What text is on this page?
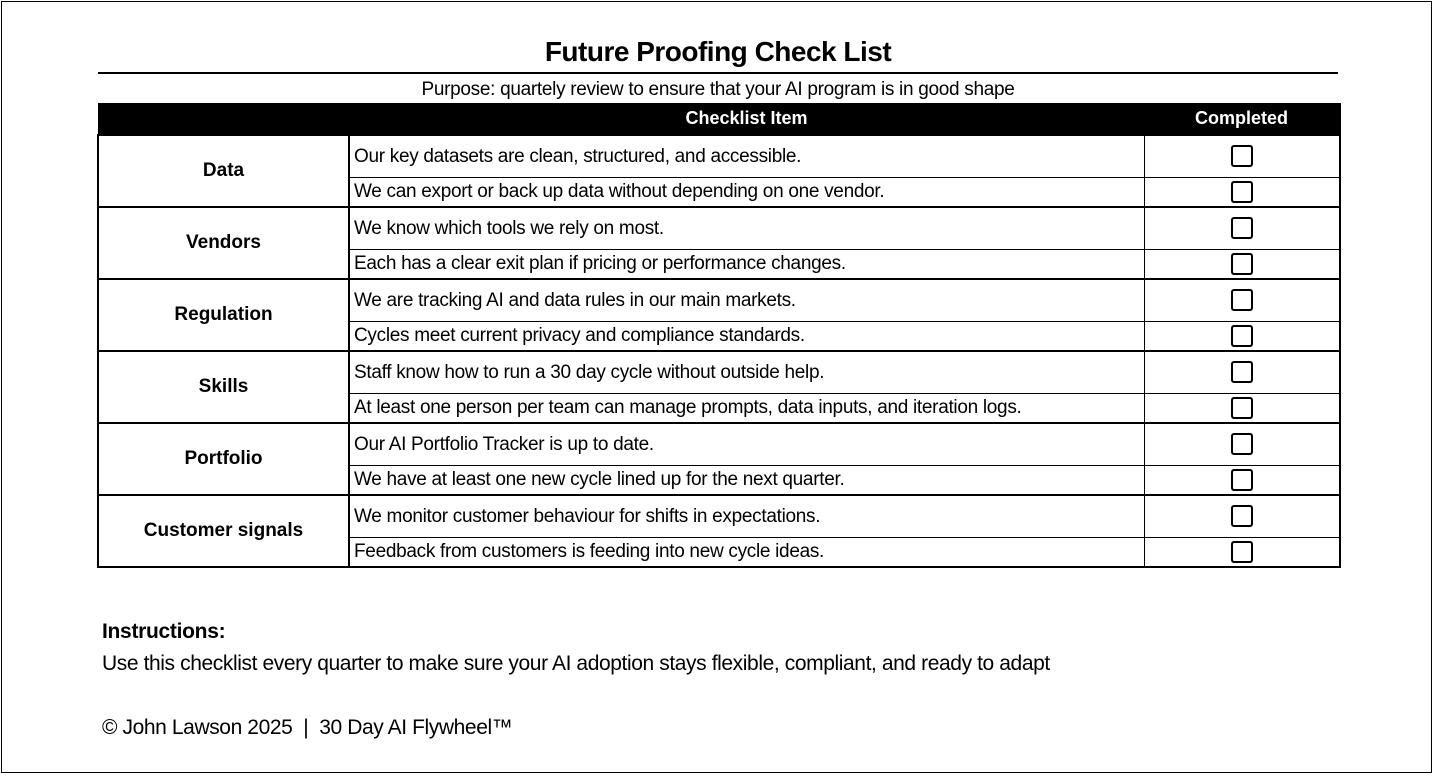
Future Proofing Check List
Purpose: quartely review to ensure that your AI program is in good shape
	Checklist Item	Completed
Data	Our key datasets are clean, structured, and accessible.	
	We can export or back up data without depending on one vendor.	
Vendors	We know which tools we rely on most.	
	Each has a clear exit plan if pricing or performance changes.	
Regulation	We are tracking AI and data rules in our main markets.	
	Cycles meet current privacy and compliance standards.	
Skills	Staff know how to run a 30 day cycle without outside help.	
	At least one person per team can manage prompts, data inputs, and iteration logs.	
Portfolio	Our AI Portfolio Tracker is up to date.	
	We have at least one new cycle lined up for the next quarter.	
Customer signals	We monitor customer behaviour for shifts in expectations.	
	Feedback from customers is feeding into new cycle ideas.	
Instructions:
Use this checklist every quarter to make sure your AI adoption stays flexible, compliant, and ready to adapt
© John Lawson 2025  |  30 Day AI Flywheel™
